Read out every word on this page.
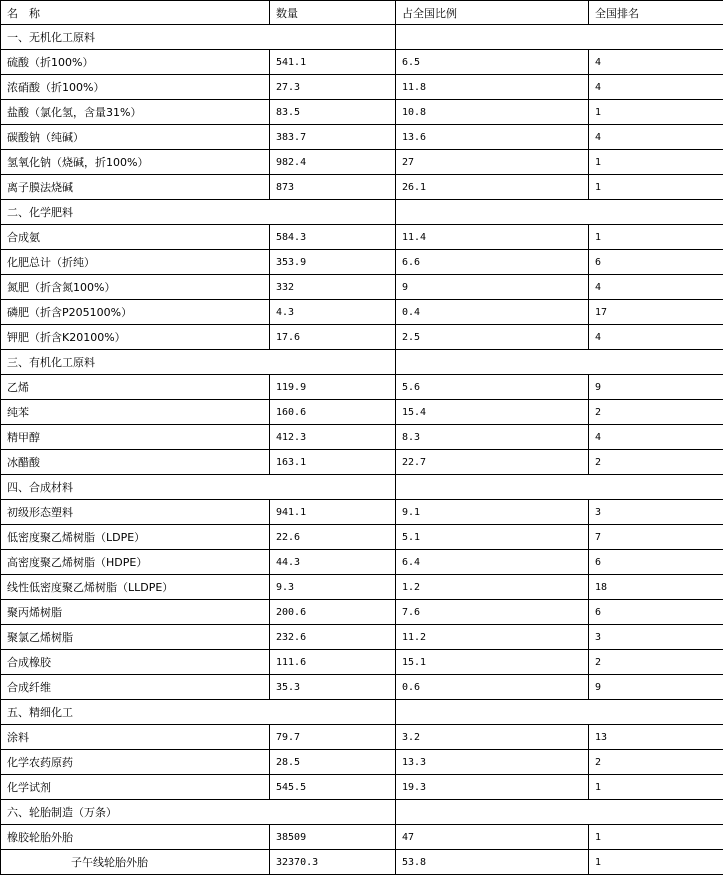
名　称	数量	占全国比例	全国排名
一、无机化工原料			
硫酸（折100%）	541.1	6.5	4
浓硝酸（折100%）	27.3	11.8	4
盐酸（氯化氢，含量31%）	83.5	10.8	1
碳酸钠（纯碱）	383.7	13.6	4
氢氧化钠（烧碱，折100%）	982.4	27	1
离子膜法烧碱	873	26.1	1
二、化学肥料			
合成氨	584.3	11.4	1
化肥总计（折纯）	353.9	6.6	6
氮肥（折含氮100%）	332	9	4
磷肥（折含P205100%）	4.3	0.4	17
钾肥（折含K20100%）	17.6	2.5	4
三、有机化工原料			
乙烯	119.9	5.6	9
纯苯	160.6	15.4	2
精甲醇	412.3	8.3	4
冰醋酸	163.1	22.7	2
四、合成材料			
初级形态塑料	941.1	9.1	3
低密度聚乙烯树脂（LDPE）	22.6	5.1	7
高密度聚乙烯树脂（HDPE）	44.3	6.4	6
线性低密度聚乙烯树脂（LLDPE）	9.3	1.2	18
聚丙烯树脂	200.6	7.6	6
聚氯乙烯树脂	232.6	11.2	3
合成橡胶	111.6	15.1	2
合成纤维	35.3	0.6	9
五、精细化工			
涂料	79.7	3.2	13
化学农药原药	28.5	13.3	2
化学试剂	545.5	19.3	1
六、轮胎制造（万条）			
橡胶轮胎外胎	38509	47	1
子午线轮胎外胎	32370.3	53.8	1
